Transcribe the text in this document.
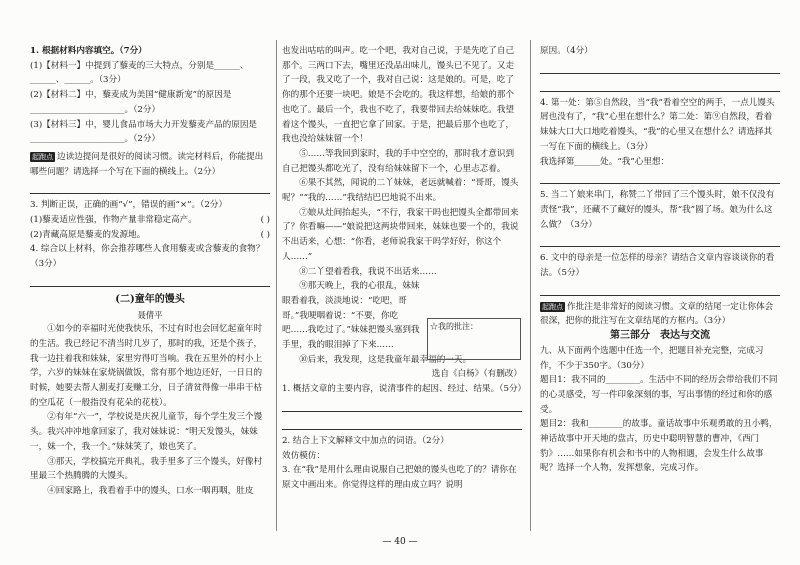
1. 根据材料内容填空。（7分）

(1)【材料一】中提到了藜麦的三大特点，分别是______、______、______。（3分）

(2)【材料二】中，藜麦成为美国“健康新宠”的原因是______________________。（2分）

(3)【材料三】中，婴儿食品市场大力开发藜麦产品的原因是______________________。（2分）

起跑点 边读边提问是很好的阅读习惯。读完材料后，你能提出哪些问题？请选择一个写在下面的横线上。（2分）

3. 判断正误，正确的画“√”，错误的画“×”。（2分）

(1)藜麦适应性强，作物产量非常稳定高产。	( )

(2)青藏高原是藜麦的发源地。	( )

4. 综合以上材料，你会推荐哪些人食用藜麦或含藜麦的食物？（3分）

(二)童年的馒头

聂倩平

①如今的幸福时光使我快乐，不过有时也会回忆起童年时的生活。我已经记不清当时几岁了，那时的我，还是个孩子，我一边拄着我和妹妹，家里穷得叮当响。我在五里外的村小上学，六岁的妹妹在家烧锅做饭，常有那个地边还好，一日日的时候，她要去帮人割麦打麦赚工分，日子清贫得像一串串干枯的空瓜花（一般指没有花朵的花枝）。

②有年“六一”，学校说是庆祝儿童节，每个学生发三个馒头。我兴冲冲地拿回家了，我对妹妹说：“明天发馒头，妹妹一，妹一个，我一个。”妹妹笑了，娘也笑了。

③那天，学校搞完开典礼，我手里多了三个馒头，好像村里最三个热腾腾的大馒头。

④回家路上，我看着手中的馒头，口水一咽再咽，肚皮

也发出咕咕的叫声。吃一个吧，我对自己说，于是先吃了自己那个。三两口下去，嘴里还没品出味儿，馒头已不见了。又走了一段，我又吃了一个，我对自己说：这是娘的。可是，吃了你的那个还要一块吧。娘是不会吃的。我这样想，给娘的那个也吃了。最后一个，我也不吃了，我要带回去给妹妹吃。我望着这个馒头，一直把它拿了回家。于是，把最后那个也吃了，我也没给妹妹留一个！

⑤……等我回到家时，我的手中空空的，那时我才意识到自己把馒头都吃光了，没有给妹妹留下一个，心里忐忑着。

⑥果不其然，闻说的二丫妹妹，老远就喊着：“哥哥，馒头呢？”“我的……”我结结巴巴地说不出来。

⑦娘从灶间抬起头，“不行，我家干吗也把馒头全都带回来了？你看嘛——”娘说把这两块带回来，妹妹也要一个的，我说不出话来，心想：“你看，老师说我家干吗学好好，你这个人……”

⑧二丫望着看我，我说不出话来……

⑨那天晚上，我的心很乱，妹妹眼看着我，淡淡地说：“吃吧，哥哥。”我哽咽着说：“不要，你吃吧……我吃过了。”妹妹把馒头塞到我手里，我的眼泪掉了下来……

⑩后来，我发现，这是我童年最幸福的一天。

选自《白杨》（有删改）

1. 概括文章的主要内容，说清事件的起因、经过、结果。（5分）

2. 结合上下文解释文中加点的词语。（2分）

效仿模仿：

3. 在“我”是用什么理由说服自己把娘的馒头也吃了的？请你在原文中画出来。你觉得这样的理由成立吗？说明

☆我的批注：

原因。（4分）

4. 第一处：第⑤自然段，当“我”看着空空的两手，一点儿馒头屑也没有了，“我”心里在想什么？第二处：第⑨自然段，看着妹妹大口大口地吃着馒头，“我”的心里又在想什么？请选择其一写在下面的横线上。（3分）

我选择第______处。“我”心里想：

5. 当二丫娘来串门，称赞二丫带回了三个馒头时，娘不仅没有责怪“我”，还藏不了藏好的馒头，帮“我”圆了场。娘为什么这么做？（3分）

6. 文中的母亲是一位怎样的母亲？请结合文章内容谈谈你的看法。（5分）

起跑点 作批注是非常好的阅读习惯。文章的结尾一定让你体会很深，把你的批注写在文章结尾的方框内。（3分）

第三部分　表达与交流

九、从下面两个选题中任选一个，把题目补充完整，完成习作，不少于350字。（30分）

题目1：我不同的________。生活中不同的经历会带给我们不同的心灵感受，写一件印象深刻的事，写出事情的经过和你的感受。

题目2：我和________的故事。童话故事中乐观勇敢的丑小鸭，神话故事中开天地的盘古，历史中聪明智慧的曹冲，《西门豹》……如果你有机会和书中的人物相遇，会发生什么故事呢？选择一个人物，发挥想象，完成习作。

— 40 —
